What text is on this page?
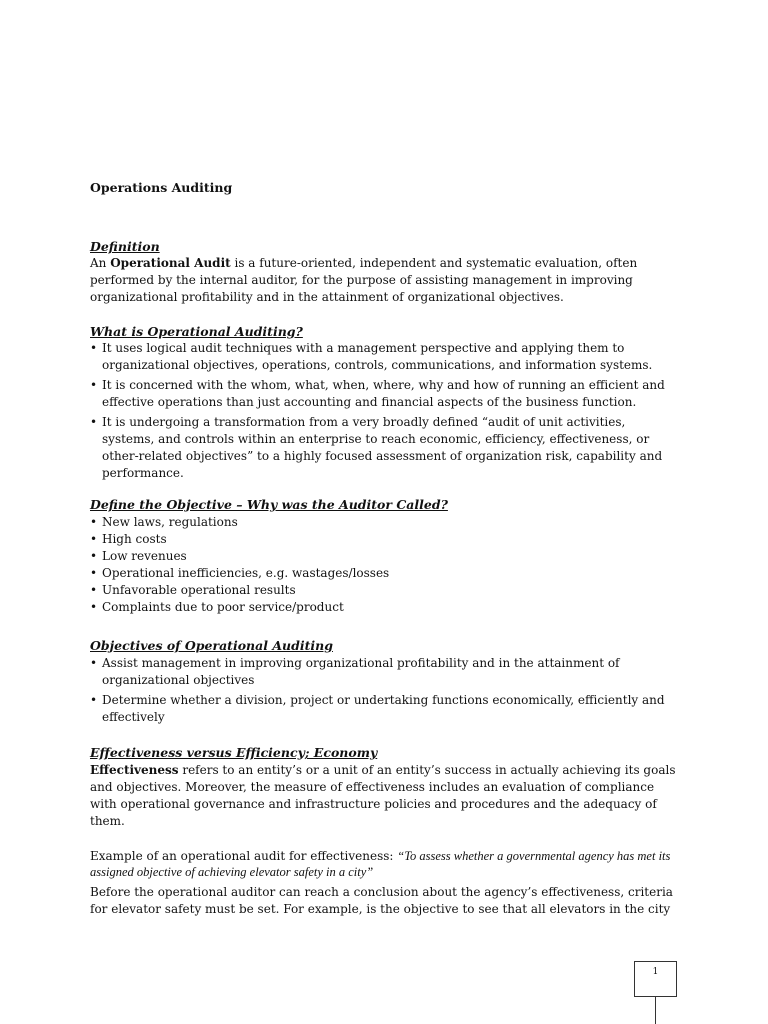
Operations Auditing
Definition
An Operational Audit is a future-oriented, independent and systematic evaluation, often performed by the internal auditor, for the purpose of assisting management in improving organizational profitability and in the attainment of organizational objectives.
What is Operational Auditing?
• It uses logical audit techniques with a management perspective and applying them to organizational objectives, operations, controls, communications, and information systems.
• It is concerned with the whom, what, when, where, why and how of running an efficient and effective operations than just accounting and financial aspects of the business function.
• It is undergoing a transformation from a very broadly defined “audit of unit activities, systems, and controls within an enterprise to reach economic, efficiency, effectiveness, or other-related objectives” to a highly focused assessment of organization risk, capability and performance.
Define the Objective – Why was the Auditor Called?
• New laws, regulations
• High costs
• Low revenues
• Operational inefficiencies, e.g. wastages/losses
• Unfavorable operational results
• Complaints due to poor service/product
Objectives of Operational Auditing
• Assist management in improving organizational profitability and in the attainment of organizational objectives
• Determine whether a division, project or undertaking functions economically, efficiently and effectively
Effectiveness versus Efficiency; Economy
Effectiveness refers to an entity’s or a unit of an entity’s success in actually achieving its goals and objectives. Moreover, the measure of effectiveness includes an evaluation of compliance with operational governance and infrastructure policies and procedures and the adequacy of them.
Example of an operational audit for effectiveness: “To assess whether a governmental agency has met its assigned objective of achieving elevator safety in a city”
Before the operational auditor can reach a conclusion about the agency’s effectiveness, criteria for elevator safety must be set. For example, is the objective to see that all elevators in the city
1
